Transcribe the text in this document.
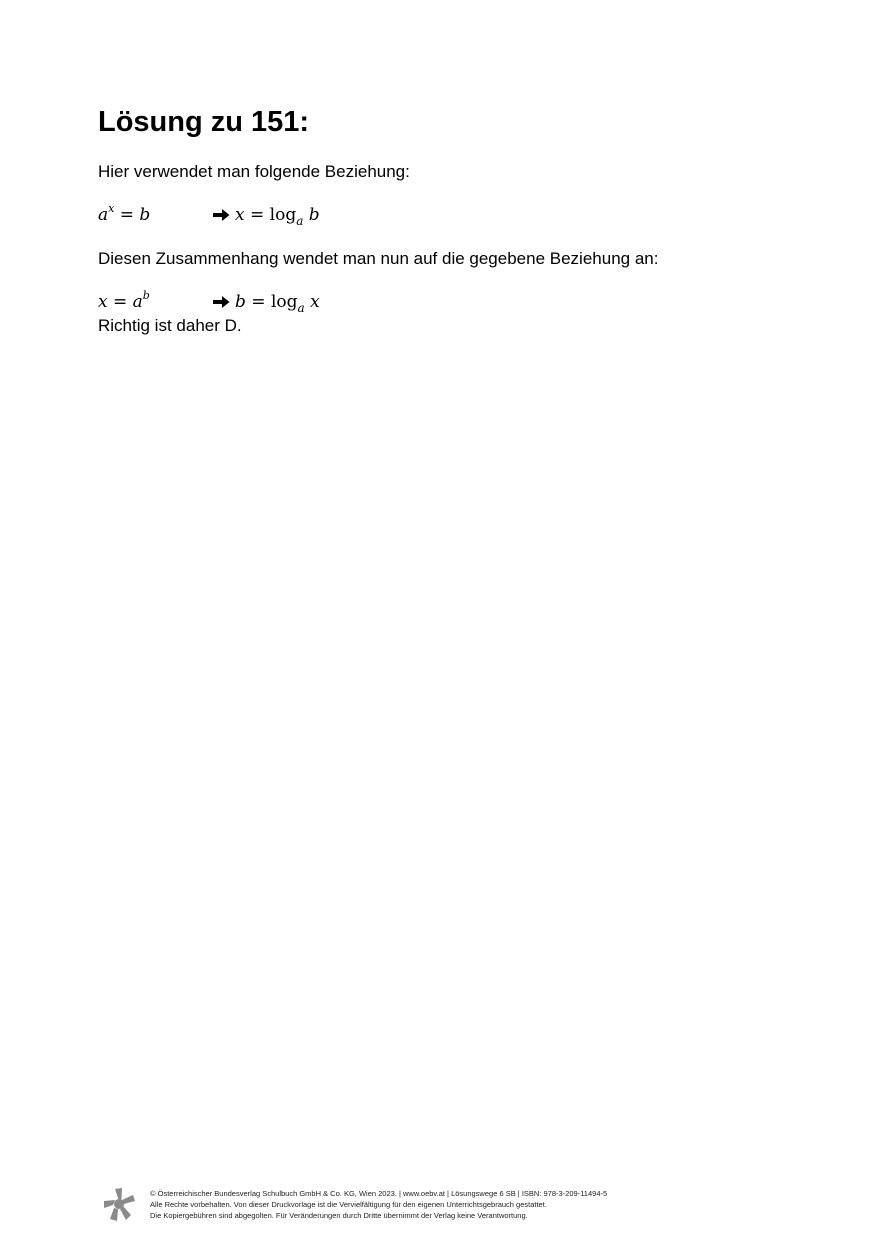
Lösung zu 151:

Hier verwendet man folgende Beziehung:

$a^x = b$	$x = \log_a b$

Diesen Zusammenhang wendet man nun auf die gegebene Beziehung an:

$x = a^b$	$b = \log_a x$

Richtig ist daher D.

© Österreichischer Bundesverlag Schulbuch GmbH & Co. KG, Wien 2023. | www.oebv.at | Lösungswege 6 SB | ISBN: 978-3-209-11494-5
Alle Rechte vorbehalten. Von dieser Druckvorlage ist die Vervielfältigung für den eigenen Unterrichtsgebrauch gestattet.
Die Kopiergebühren sind abgegolten. Für Veränderungen durch Dritte übernimmt der Verlag keine Verantwortung.
